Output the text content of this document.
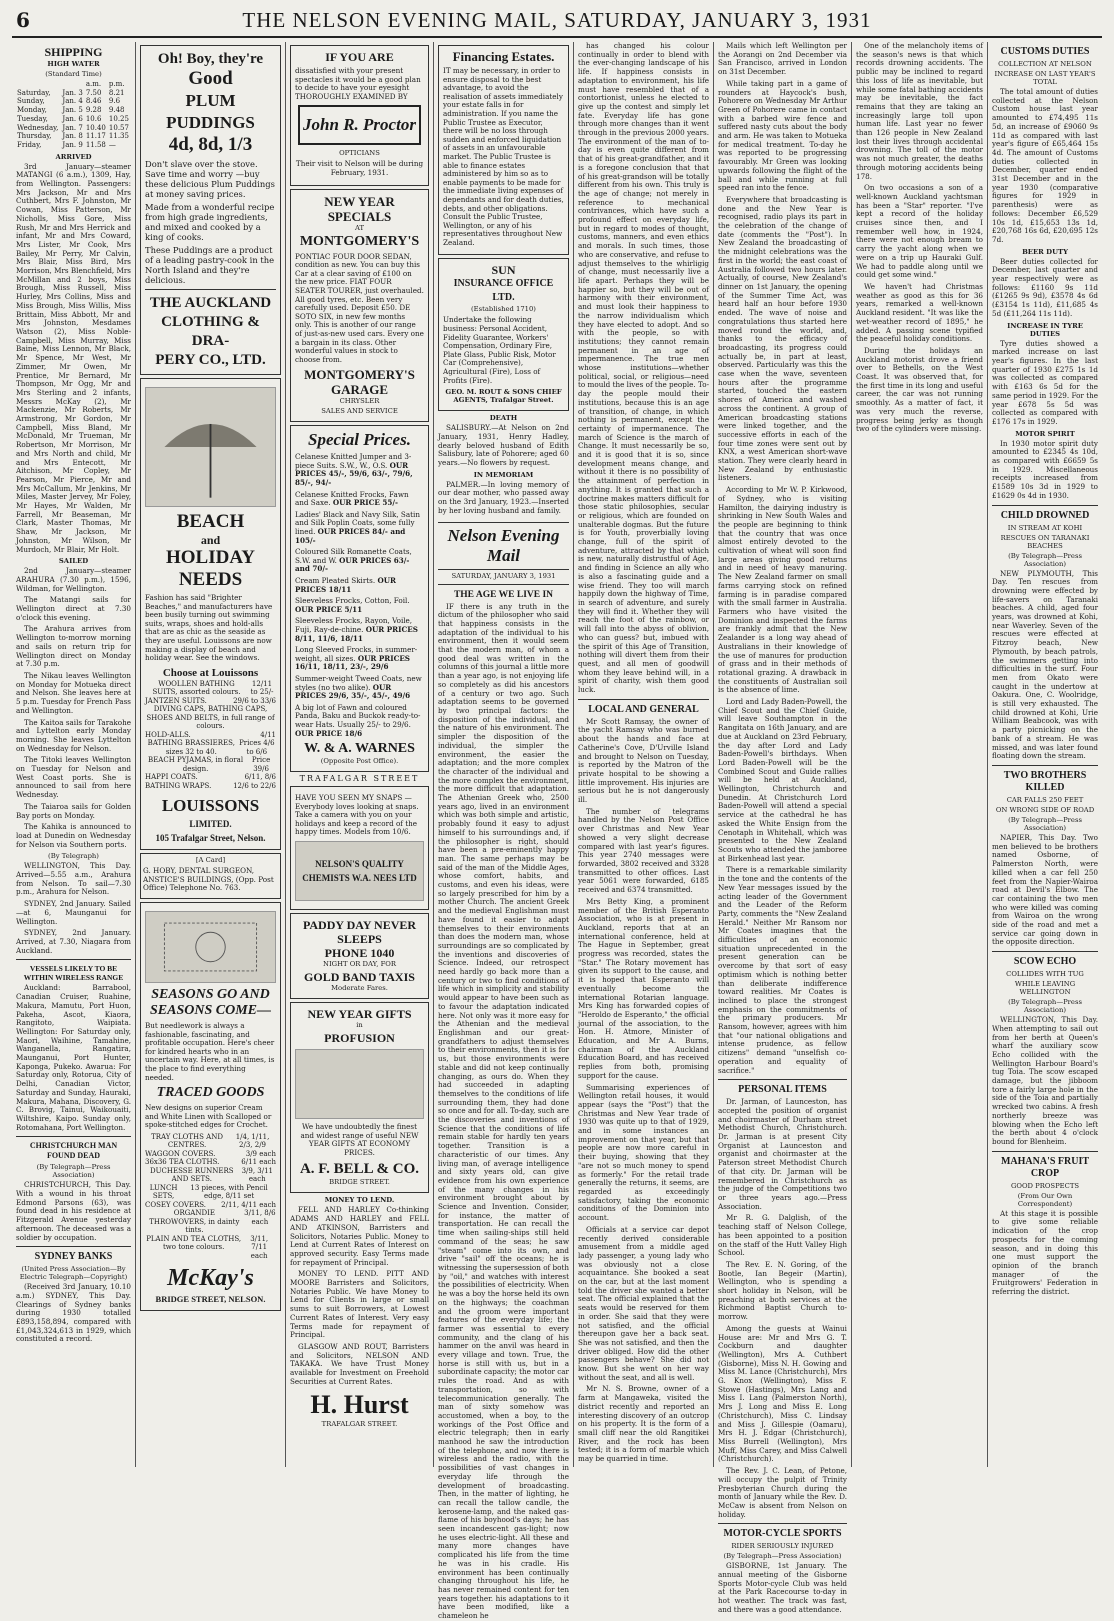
6	THE NELSON EVENING MAIL, SATURDAY, JANUARY 3, 1931
SHIPPING
HIGH WATER
(Standard Time)
		a.m.	p.m.
Saturday,	Jan. 3	7.50	8.21
Sunday,	Jan. 4	8.46	9.6
Monday,	Jan. 5	9.28	9.48
Tuesday,	Jan. 6	10.6	10.25
Wednesday,	Jan. 7	10.40	10.57
Thursday,	Jan. 8	11.17	11.35
Friday,	Jan. 9	11.58	—
ARRIVED

3rd January—steamer MATANGI (6 a.m.), 1309, Hay, from Wellington. Passengers: Mrs Jackson, Mr and Mrs Cuthbert, Mrs F. Johnston, Mr Cowan, Miss Patterson, Mr Nicholls, Miss Gore, Miss Rush, Mr and Mrs Herrick and infant, Mr and Mrs Coward, Mrs Lister, Mr Cook, Mrs Bailey, Mr Perry, Mr Calvin, Mrs Blair, Miss Bird, Mrs Morrison, Mrs Blenchfield, Mrs McMillan and 2 boys, Miss Brough, Miss Russell, Miss Hurley, Mrs Collins, Miss and Miss Brough, Miss Willis, Miss Brittain, Miss Abbott, Mr and Mrs Johnston, Mesdames Watson (2), Miss Noble-Campbell, Miss Murray, Miss Baine, Miss Lennon, Mr Black, Mr Spence, Mr West, Mr Zimmer, Mr Owen, Mr Prentice, Mr Bernard, Mr Thompson, Mr Ogg, Mr and Mrs Sterling and 2 infants, Messrs McKay (2), Mr Mackenzie, Mr Roberts, Mr Armstrong, Mr Gordon, Mr Campbell, Miss Bland, Mr McDonald, Mr Trueman, Mr Robertson, Mr Morrison, Mr and Mrs North and child, Mr and Mrs Entecott, Mr Aitchison, Mr Copley, Mr Pearson, Mr Pierce, Mr and Mrs McCallum, Mr Jenkins, Mr Miles, Master Jervey, Mr Foley, Mr Hayes, Mr Walden, Mr Farrell, Mr Beaseman, Mr Clark, Master Thomas, Mr Shaw, Mr Jackson, Mr Johnston, Mr Wilson, Mr Murdoch, Mr Blair, Mr Holt.

SAILED

2nd January—steamer ARAHURA (7.30 p.m.), 1596, Wildman, for Wellington.

The Matangi sails for Wellington direct at 7.30 o'clock this evening.

The Arahura arrives from Wellington to-morrow morning and sails on return trip for Wellington direct on Monday at 7.30 p.m.

The Nikau leaves Wellington on Monday for Motueka direct and Nelson. She leaves here at 5 p.m. Tuesday for French Pass and Wellington.

The Kaitoa sails for Tarakohe and Lyttelton early Monday morning. She leaves Lyttelton on Wednesday for Nelson.

The Titoki leaves Wellington on Tuesday for Nelson and West Coast ports. She is announced to sail from here Wednesday.

The Taiaroa sails for Golden Bay ports on Monday.

The Kahika is announced to load at Dunedin on Wednesday for Nelson via Southern ports.

(By Telegraph)

WELLINGTON, This Day. Arrived—5.55 a.m., Arahura from Nelson. To sail—7.30 p.m., Arahura for Nelson.

SYDNEY, 2nd January. Sailed—at 6, Maunganui for Wellington.

SYDNEY, 2nd January. Arrived, at 7.30, Niagara from Auckland.

VESSELS LIKELY TO BE WITHIN WIRELESS RANGE

Auckland: Barrabool, Canadian Cruiser, Ruahine, Makura, Mamutu, Port Huon, Pakeha, Ascot, Kiaora, Rangitoto, Waipiata. Wellington: For Saturday only, Maori, Waihine, Tamahine, Wanganella, Rangatira, Maunganui, Port Hunter, Kaponga, Pukeko. Awarua: For Saturday only, Rotorua, City of Delhi, Canadian Victor, Saturday and Sunday, Hauraki, Makura, Mahana, Discovery, G. C. Brovig, Tainui, Waikouaiti, Wiltshire, Kaipo. Sunday only, Rotomahana, Port Wellington.

CHRISTCHURCH MAN FOUND DEAD
(By Telegraph—Press Association)

CHRISTCHURCH, This Day. With a wound in his throat Edmond Parsons (63), was found dead in his residence at Fitzgerald Avenue yesterday afternoon. The deceased was a soldier by occupation.

SYDNEY BANKS
(United Press Association—By Electric Telegraph—Copyright)

(Received 3rd January, 10.10 a.m.) SYDNEY, This Day. Clearings of Sydney banks during 1930 totalled £893,158,894, compared with £1,043,324,613 in 1929, which constituted a record.

Oh! Boy, they're
Good
PLUM PUDDINGS
4d, 8d, 1/3

Don't slave over the stove. Save time and worry —buy these delicious Plum Puddings at money saving prices.

Made from a wonderful recipe from high grade ingredients, and mixed and cooked by a king of cooks.

These Puddings are a product of a leading pastry-cook in the North Island and they're delicious.

THE AUCKLAND
CLOTHING & DRA-
PERY CO., LTD.
BEACH
and
HOLIDAY
NEEDS

Fashion has said "Brighter Beaches," and manufacturers have been busily turning out swimming suits, wraps, shoes and hold-alls that are as chic as the seaside as they are useful. Louissons are now making a display of beach and holiday wear. See the windows.

Choose at Louissons
WOOLLEN BATHING SUITS, assorted colours.
12/11 to 25/-
JANTZEN SUITS.	29/6 to 33/6
DIVING CAPS, BATHING CAPS, SHOES AND BELTS, in full range of colours.
HOLD-ALLS.	4/11
BATHING BRASSIERES, sizes 32 to 40.
Prices 4/6 to 6/6
BEACH PYJAMAS, in floral design.
Price 39/6
HAPPI COATS.	6/11, 8/6
BATHING WRAPS.	12/6 to 22/6
LOUISSONS
LIMITED.
105 Trafalgar Street, Nelson.
[A Card]

G. HOBY, DENTAL SURGEON, ANSTICE'S BUILDINGS, (Opp. Post Office) Telephone No. 763.

SEASONS GO AND
SEASONS COME—

But needlework is always a fashionable, fascinating, and profitable occupation. Here's cheer for kindred hearts who in an uncertain way. Here, at all times, is the place to find everything needed.

TRACED GOODS

New designs on superior Cream and White Linen with Scalloped or spoke-stitched edges for Crochet.

TRAY CLOTHS AND CENTRES.
1/4, 1/11, 2/3, 2/9
WAGGON COVERS.	3/9 each
36x36 TEA CLOTHS.	6/11 each
DUCHESSE RUNNERS AND SETS.
3/9, 3/11 each
LUNCH SETS,
13 pieces, with Pencil edge, 8/11 set
COSEY COVERS. 2/11, 4/11 each
ORGANDIE THROWOVERS, in dainty tints.
3/11, 8/6 each
PLAIN AND TEA CLOTHS, two tone colours.
3/11, 7/11 each
McKay's
BRIDGE STREET, NELSON.
IF YOU ARE

dissatisfied with your present spectacles it would be a good plan to decide to have your eyesight THOROUGHLY EXAMINED BY

John R. Proctor
OPTICIANS

Their visit to Nelson will be during February, 1931.

NEW YEAR SPECIALS
AT
MONTGOMERY'S

PONTIAC FOUR DOOR SEDAN, condition as new. You can buy this Car at a clear saving of £100 on the new price. FIAT FOUR SEATER TOURER, just overhauled. All good tyres, etc. Been very carefully used. Deposit £50. DE SOTO SIX, in new few months only. This is another of our range of just-as-new used cars. Every one a bargain in its class. Other wonderful values in stock to choose from.

MONTGOMERY'S
GARAGE
CHRYSLER
SALES AND SERVICE
Special Prices.

Celanese Knitted Jumper and 3-piece Suits. S.W., W., O.S. OUR PRICES 45/-, 59/6, 63/-, 79/6, 85/-, 94/-

Celanese Knitted Frocks, Fawn and Saxe. OUR PRICE 55/-

Ladies' Black and Navy Silk, Satin and Silk Poplin Coats, some fully lined. OUR PRICES 84/- and 105/-

Coloured Silk Romanette Coats, S.W. and W. OUR PRICES 63/- and 70/-

Cream Pleated Skirts. OUR PRICES 18/11

Sleeveless Frocks, Cotton, Foil. OUR PRICE 5/11

Sleeveless Frocks, Rayon, Voile, Fuji, Ray-de-chine. OUR PRICES 8/11, 11/6, 18/11

Long Sleeved Frocks, in summer-weight, all sizes. OUR PRICES 16/11, 18/11, 23/-, 29/6

Summer-weight Tweed Coats, new styles (no two alike). OUR PRICES 29/6, 35/-, 45/-, 49/6

A big lot of Fawn and coloured Panda, Baku and Buckok ready-to-wear Hats. Usually 25/- to 29/6. OUR PRICE 18/6

W. & A. WARNES
(Opposite Post Office).
TRAFALGAR STREET

HAVE YOU SEEN MY SNAPS — Everybody loves looking at snaps. Take a camera with you on your holidays and keep a record of the happy times. Models from 10/6.

NELSON'S QUALITY CHEMISTS W.A. NEES LTD
PADDY DAY NEVER SLEEPS
PHONE 1040
NIGHT OR DAY, FOR
GOLD BAND TAXIS
Moderate Fares.
NEW YEAR GIFTS
in
PROFUSION

We have undoubtedly the finest and widest range of useful NEW YEAR GIFTS AT ECONOMY PRICES.

A. F. BELL & CO.
BRIDGE STREET.
MONEY TO LEND.

FELL AND HARLEY Co-thinking ADAMS AND HARLEY and FELL AND ATKINSON, Barristers and Solicitors, Notaries Public. Money to Lend at Current Rates of Interest on approved security. Easy Terms made for repayment of Principal.

MONEY TO LEND. PITT AND MOORE Barristers and Solicitors, Notaries Public. We have Money to Lend for Clients in large or small sums to suit Borrowers, at Lowest Current Rates of Interest. Very easy Terms made for repayment of Principal.

GLASGOW AND ROUT, Barristers and Solicitors, NELSON AND TAKAKA. We have Trust Money available for Investment on Freehold Securities at Current Rates.

H. Hurst
TRAFALGAR STREET.
Financing Estates.

IT may be necessary, in order to ensure disposal to the best advantage, to avoid the realisation of assets immediately your estate falls in for administration. If you name the Public Trustee as Executor, there will be no loss through sudden and enforced liquidation of assets in an unfavourable market. The Public Trustee is able to finance estates administered by him so as to enable payments to be made for the immediate living expenses of dependants and for death duties, debts, and other obligations. Consult the Public Trustee, Wellington, or any of his representatives throughout New Zealand.

SUN
INSURANCE OFFICE LTD.
(Established 1710)

Undertake the following business: Personal Accident, Fidelity Guarantee, Workers' Compensation, Ordinary Fire, Plate Glass, Public Risk, Motor Car (Comprehensive), Agricultural (Fire), Loss of Profits (Fire).

GEO. M. ROUT & SONS CHIEF AGENTS, Trafalgar Street.
DEATH

SALISBURY.—At Nelson on 2nd January, 1931, Henry Hadley, dearly beloved husband of Edith Salisbury, late of Pohorere; aged 60 years.—No flowers by request.

IN MEMORIAM

PALMER.—In loving memory of our dear mother, who passed away on the 3rd January, 1923.—Inserted by her loving husband and family.

Nelson Evening Mail
SATURDAY, JANUARY 3, 1931
THE AGE WE LIVE IN

IF there is any truth in the dictum of the philosopher who said that happiness consists in the adaptation of the individual to his environment, then it would seem that the modern man, of whom a good deal was written in the columns of this journal a little more than a year ago, is not enjoying life so completely as did his ancestors of a century or two ago. Such adaptation seems to be governed by two principal factors: the disposition of the individual, and the nature of his environment. The simpler the disposition of the individual, the simpler the environment, the easier the adaptation; and the more complex the character of the individual and the more complex the environment, the more difficult that adaptation. The Athenian Greek who, 2500 years ago, lived in an environment which was both simple and artistic, probably found it easy to adjust himself to his surroundings and, if the philosopher is right, should have been a pre-eminently happy man. The same perhaps may be said of the man of the Middle Ages, whose comfort, habits, and customs, and even his ideas, were so largely prescribed for him by a mother Church. The ancient Greek and the medieval Englishman must have found it easier to adapt themselves to their environments than does the modern man, whose surroundings are so complicated by the inventions and discoveries of Science. Indeed, our retrospect need hardly go back more than a century or two to find conditions of life which in simplicity and stability would appear to have been such as to favour the adaptation indicated here. Not only was it more easy for the Athenian and the medieval Englishman and our great-grandfathers to adjust themselves to their environments, then it is for us, but those environments were stable and did not keep continually changing, as ours do. When they had succeeded in adapting themselves to the conditions of life surrounding them, they had done so once and for all. To-day, such are the discoveries and inventions of Science that the conditions of life remain stable for hardly ten years together. Transition is a characteristic of our times. Any living man, of average intelligence and sixty years old, can give evidence from his own experience of the many changes in his environment brought about by Science and Invention. Consider, for instance, the matter of transportation. He can recall the time when sailing-ships still held command of the seas; he saw "steam" come into its own, and drive "sail" off the oceans; he is witnessing the supersession of both by "oil," and watches with interest the possibilities of electricity. When he was a boy the horse held its own on the highways; the coachman and the groom were important features of the everyday life; the farmer was essential to every community, and the clang of his hammer on the anvil was heard in every village and town. True, the horse is still with us, but in a subordinate capacity; the motor car rules the road. And as with transportation, so with telecommunication generally. The man of sixty somehow was accustomed, when a boy, to the workings of the Post Office and electric telegraph; then in early manhood he saw the introduction of the telephone, and now there is wireless and the radio, with the possibilities of vast changes in everyday life through the development of broadcasting. Then, in the matter of lighting, he can recall the tallow candle, the kerosene-lamp, and the naked gas-flame of his boyhood's days; he has seen incandescent gas-light; now he uses electric-light. All these and many more changes have complicated his life from the time he was in his cradle. His environment has been continually changing throughout his life, he has never remained content for ten years together. his adaptations to it have been modified, like a chameleon he

has changed his colour continually in order to blend with the ever-changing landscape of his life. If happiness consists in adaptation to environment, his life must have resembled that of a contortionist, unless he elected to give up the contest and simply let fate. Everyday life has gone through more changes than it went through in the previous 2000 years. The environment of the man of to-day is even quite different from that of his great-grandfather, and it is a foregone conclusion that that of his great-grandson will be totally different from his own. This truly is the age of change; not merely in reference to mechanical contrivances, which have such a profound effect on everyday life, but in regard to modes of thought, customs, manners, and even ethics and morals. In such times, those who are conservative, and refuse to adjust themselves to the whirligig of change, must necessarily live a life apart. Perhaps they will be happier so, but they will be out of harmony with their environment, and must look their happiness to the narrow individualism which they have elected to adopt. And so with the people, so with institutions; they cannot remain permanent in an age of impermanence. The true men whose institutions—whether political, social, or religious—need to mould the lives of the people. To-day the people mould their institutions, because this is an age of transition, of change, in which nothing is permanent, except the certainty of impermanence. The march of Science is the march of Change. It must necessarily be so, and it is good that it is so, since development means change, and without it there is no possibility of the attainment of perfection in anything. It is granted that such a doctrine makes matters difficult for those static philosophies, secular or religious, which are founded on unalterable dogmas. But the future is for Youth, proverbially loving change, full of the spirit of adventure, attracted by that which is new, naturally distrustful of Age, and finding in Science an ally who is also a fascinating guide and a wise friend. They too will march happily down the highway of Time, in search of adventure, and surely they will find it. Whether they will reach the foot of the rainbow, or will fall into the abyss of oblivion, who can guess? but, imbued with the spirit of this Age of Transition, nothing will divert them from their quest, and all men of goodwill whom they leave behind will, in a spirit of charity, wish them good luck.

LOCAL AND GENERAL

Mr Scott Ramsay, the owner of the yacht Ramsay who was burned about the hands and face at Catherine's Cove, D'Urville Island and brought to Nelson on Tuesday, is reported by the Matron of the private hospital to be showing a little improvement. His injuries are serious but he is not dangerously ill.

The number of telegrams handled by the Nelson Post Office over Christmas and New Year showed a very slight decrease compared with last year's figures. This year 2740 messages were forwarded, 3802 received and 3328 transmitted to other offices. Last year 5061 were forwarded, 6185 received and 6374 transmitted.

Mrs Betty King, a prominent member of the British Esperanto Association, who is at present in Auckland, reports that at an international conference, held at The Hague in September, great progress was recorded, states the "Star." The Rotary movement has given its support to the cause, and it is hoped that Esperanto will eventually become the international Rotarian language. Mrs King has forwarded copies of "Heroldo de Esperanto," the official journal of the association, to the Hon. H. Atmore, Minister of Education, and Mr A. Burns, chairman of the Auckland Education Board, and has received replies from both, promising support for the cause.

Summarising experiences of Wellington retail houses, it would appear (says the "Post") that the Christmas and New Year trade of 1930 was quite up to that of 1929, and in some instances an improvement on that year, but that people are now more careful in their buying, showing that they "are not so much money to spend as formerly." For the retail trade generally the returns, it seems, are regarded as exceedingly satisfactory, taking the economic conditions of the Dominion into account.

Officials at a service car depot recently derived considerable amusement from a middle aged lady passenger, a young lady who was obviously not a close acquaintance. She booked a seat on the car, but at the last moment told the driver she wanted a better seat. The official explained that the seats would be reserved for them in order. She said that they were not satisfied, and the official thereupon gave her a back seat. She was not satisfied, and then the driver obliged. How did the other passengers behave? She did not know. But she went on her way without the seat, and all is well.

Mr N. S. Browne, owner of a farm at Mangaweka, visited the district recently and reported an interesting discovery of an outcrop on his property. It is the form of a small cliff near the old Rangitikei River, and the rock has been tested; it is a form of marble which may be quarried in time.

Mails which left Wellington per the Aorangi on 2nd December via San Francisco, arrived in London on 31st December.

While taking part in a game of rounders at Haycock's bush, Pohorere on Wednesday Mr Arthur Green of Pohorere came in contact with a barbed wire fence and suffered nasty cuts about the body and arm. He was taken to Motueka for medical treatment. To-day he was reported to be progressing favourably. Mr Green was looking upwards following the flight of the ball and while running at full speed ran into the fence.

Everywhere that broadcasting is done and the New Year is recognised, radio plays its part in the celebration of the change of date (comments the "Post"). In New Zealand the broadcasting of the midnight celebrations was the first in the world; the east coast of Australia followed two hours later. Actually, of course, New Zealand's dinner on 1st January, the opening of the Summer Time Act, was heard half an hour before 1930 ended. The wave of noise and congratulations thus started here moved round the world, and, thanks to the efficacy of broadcasting, its progress could actually be, in part at least, observed. Particularly was this the case when the wave, seventeen hours after the programme started, touched the eastern shores of America and washed across the continent. A group of American broadcasting stations were linked together, and the successive efforts in each of the four time zones were sent out by KNX, a west American short-wave station. They were clearly heard in New Zealand by enthusiastic listeners.

According to Mr W. P. Kirkwood, of Sydney, who is visiting Hamilton, the dairying industry is shrinking in New South Wales and the people are beginning to think that the country that was once almost entirely devoted to the cultivation of wheat will soon find large areas giving good returns and in need of heavy manuring. The New Zealand farmer on small farms carrying stock on refined farming is in paradise compared with the small farmer in Australia. Farmers who have visited the Dominion and inspected the farms are frankly admit that the New Zealander is a long way ahead of Australians in their knowledge of the use of manures for production of grass and in their methods of rotational grazing. A drawback in the constituents of Australian soil is the absence of lime.

Lord and Lady Baden-Powell, the Chief Scout and the Chief Guide, will leave Southampton in the Rangitata on 16th January, and are due at Auckland on 23rd February, the day after Lord and Lady Baden-Powell's birthdays. When Lord Baden-Powell will be the Combined Scout and Guide rallies will be held at Auckland, Wellington, Christchurch and Dunedin. At Christchurch Lord Baden-Powell will attend a special service at the cathedral he has asked the White Ensign from the Cenotaph in Whitehall, which was presented to the New Zealand Scouts who attended the jamboree at Birkenhead last year.

There is a remarkable similarity in the tone and the contents of the New Year messages issued by the acting leader of the Government and the Leader of the Reform Party, comments the "New Zealand Herald." Neither Mr Ransom nor Mr Coates imagines that the difficulties of an economic situation unprecedented in the present generation can be overcome by that sort of easy optimism which is nothing better than deliberate indifference toward realities. Mr Coates is inclined to place the strongest emphasis on the commitments of the primary producers. Mr Ransom, however, agrees with him that "our national obligations and intense prudence, as fellow citizens" demand "unselfish co-operation and equality of sacrifice."

PERSONAL ITEMS

Dr. Jarman, of Launceston, has accepted the position of organist and choirmaster of Durham street Methodist Church, Christchurch. Dr. Jarman is at present City Organist at Launceston and organist and choirmaster at the Paterson street Methodist Church of that city. Dr. Jarman will be remembered in Christchurch as the judge of the Competitions two or three years ago.—Press Association.

Mr R. G. Dalglish, of the teaching staff of Nelson College, has been appointed to a position on the staff of the Hutt Valley High School.

The Rev. E. N. Goring, of the Bootle, Ian Begeir (Martin), Wellington, who is spending a short holiday in Nelson, will be preaching at both services at the Richmond Baptist Church to-morrow.

Among the guests at Wainui House are: Mr and Mrs G. T. Cockburn and daughter (Wellington), Mrs A. Cuthbert (Gisborne), Miss N. H. Gowing and Miss M. Lance (Christchurch), Mrs G. Knox (Wellington), Miss F. Stowe (Hastings), Mrs Lang and Miss I. Lang (Palmerston North), Mrs J. Long and Miss E. Long (Christchurch), Miss C. Lindsay and Miss J. Gillespie (Oamaru), Mrs H. J. Edgar (Christchurch), Miss Burrell (Wellington), Mrs Muff, Miss Carey, and Miss Calwell (Christchurch).

The Rev. J. C. Lean, of Petone, will occupy the pulpit of Trinity Presbyterian Church during the month of January while the Rev. D. McCaw is absent from Nelson on holiday.

MOTOR-CYCLE SPORTS
RIDER SERIOUSLY INJURED
(By Telegraph—Press Association)

GISBORNE, 1st January. The annual meeting of the Gisborne Sports Motor-cycle Club was held at the Park Racecourse to-day in hot weather. The track was fast, and there was a good attendance.

One of the melancholy items of the season's news is that which records drowning accidents. The public may be inclined to regard this loss of life as inevitable, but while some fatal bathing accidents may be inevitable, the fact remains that they are taking an increasingly large toll upon human life. Last year no fewer than 126 people in New Zealand lost their lives through accidental drowning. The toll of the motor was not much greater, the deaths through motoring accidents being 178.

On two occasions a son of a well-known Auckland yachtsman has been a "Star" reporter. "I've kept a record of the holiday cruises since then, and I remember well how, in 1924, there were not enough bream to carry the yacht along when we were on a trip up Hauraki Gulf. We had to paddle along until we could get some wind."

We haven't had Christmas weather as good as this for 36 years, remarked a well-known Auckland resident. "It was like the wet-weather record of 1895," he added. A passing scene typified the peaceful holiday conditions.

During the holidays an Auckland motorist drove a friend over to Bethells, on the West Coast. It was observed that, for the first time in its long and useful career, the car was not running smoothly. As a matter of fact, it was very much the reverse, progress being jerky as though two of the cylinders were missing.

CUSTOMS DUTIES
COLLECTION AT NELSON
INCREASE ON LAST YEAR'S TOTAL

The total amount of duties collected at the Nelson Custom house last year amounted to £74,495 11s 5d, an increase of £9060 9s 11d as compared with last year's figure of £65,464 15s 4d. The amount of Customs duties collected in December, quarter ended 31st December and in the year 1930 (comparative figures for 1929 in parenthesis) were as follows: December £6,529 10s 1d, £15,653 13s 1d, £20,768 16s 6d, £20,695 12s 7d.

BEER DUTY

Beer duties collected for December, last quarter and year respectively were as follows: £1160 9s 11d (£1265 9s 9d), £3578 4s 6d (£3154 1s 11d), £11,685 4s 5d (£11,264 11s 11d).

INCREASE IN TYRE DUTIES

Tyre duties showed a marked increase on last year's figures. In the last quarter of 1930 £275 1s 1d was collected as compared with £163 6s 5d for the same period in 1929. For the year £678 5s 5d was collected as compared with £176 17s in 1929.

MOTOR SPIRIT

In 1930 motor spirit duty amounted to £2345 4s 10d, as compared with £6659 5s in 1929. Miscellaneous receipts increased from £1589 10s 3d in 1929 to £1629 0s 4d in 1930.

CHILD DROWNED
IN STREAM AT KOHI
RESCUES ON TARANAKI BEACHES
(By Telegraph—Press Association)

NEW PLYMOUTH, This Day. Ten rescues from drowning were effected by life-savers on Taranaki beaches. A child, aged four years, was drowned at Kohi, near Waverley. Seven of the rescues were effected at Fitzroy beach, New Plymouth, by beach patrols, the swimmers getting into difficulties in the surf. Four men from Okato were caught in the undertow at Oakura. One, C. Woolridge, is still very exhausted. The child drowned at Kohi, Urie William Beabcook, was with a party picnicking on the bank of a stream. He was missed, and was later found floating down the stream.

TWO BROTHERS KILLED
CAR FALLS 250 FEET
ON WRONG SIDE OF ROAD
(By Telegraph—Press Association)

NAPIER, This Day. Two men believed to be brothers named Osborne, of Palmerston North, were killed when a car fell 250 feet from the Napier-Wairoa road at Devil's Elbow. The car containing the two men who were killed was coming from Wairoa on the wrong side of the road and met a service car going down in the opposite direction.

SCOW ECHO
COLLIDES WITH TUG
WHILE LEAVING WELLINGTON
(By Telegraph—Press Association)

WELLINGTON, This Day. When attempting to sail out from her berth at Queen's wharf the auxiliary scow Echo collided with the Wellington Harbour Board's tug Toia. The scow escaped damage, but the jibboom tore a fairly large hole in the side of the Toia and partially wrecked two cabins. A fresh northerly breeze was blowing when the Echo left the berth about 4 o'clock bound for Blenheim.

MAHANA'S FRUIT CROP
GOOD PROSPECTS
(From Our Own Correspondent)

At this stage it is possible to give some reliable indication of the crop prospects for the coming season, and in doing this one must support the opinion of the branch manager of the Fruitgrowers' Federation in referring the district.
